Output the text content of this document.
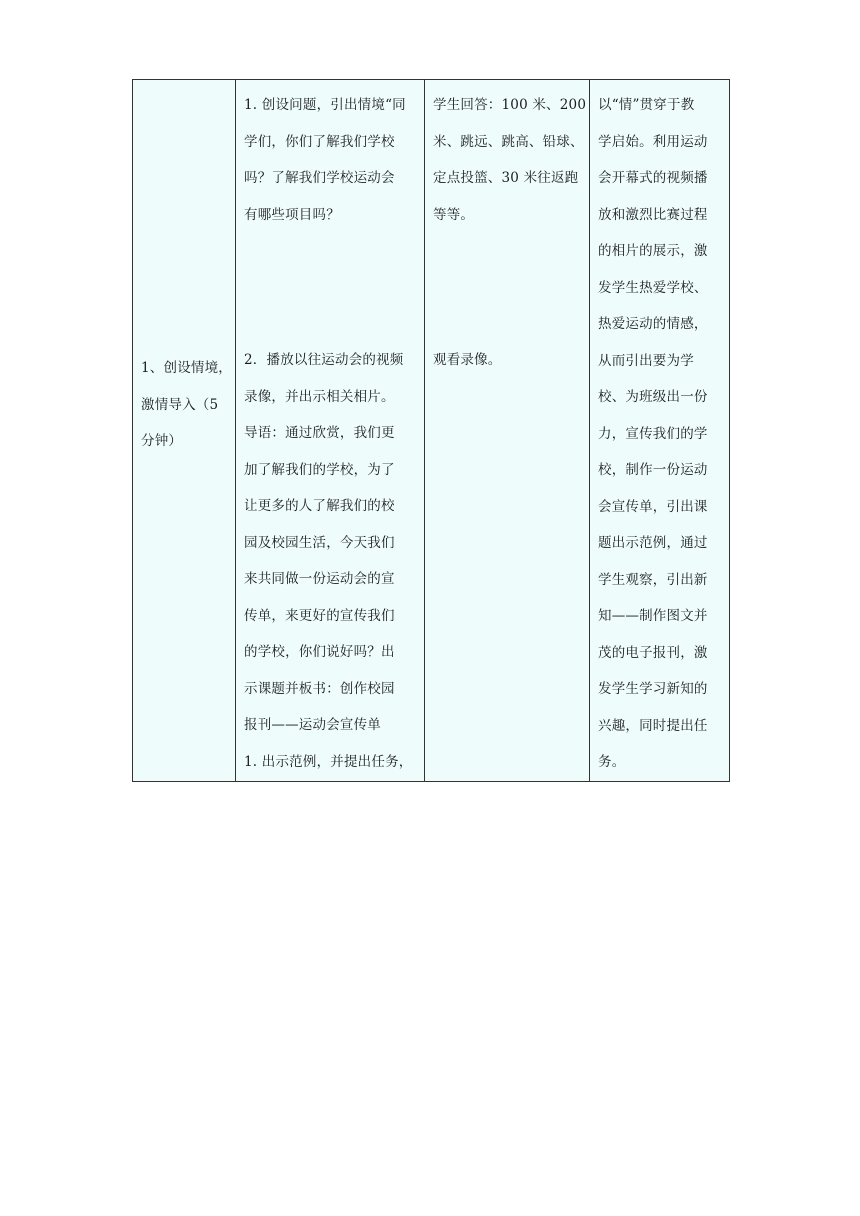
1、创设情境，
激情导入（5
分钟）

1. 创设问题，引出情境“同
学们，你们了解我们学校
吗？了解我们学校运动会
有哪些项目吗？
2．播放以往运动会的视频
录像，并出示相关相片。
导语：通过欣赏，我们更
加了解我们的学校，为了
让更多的人了解我们的校
园及校园生活，今天我们
来共同做一份运动会的宣
传单，来更好的宣传我们
的学校，你们说好吗？出
示课题并板书：创作校园
报刊——运动会宣传单
1. 出示范例，并提出任务，

学生回答：100 米、200
米、跳远、跳高、铅球、
定点投篮、30 米往返跑
等等。
观看录像。

以“情”贯穿于教
学启始。利用运动
会开幕式的视频播
放和激烈比赛过程
的相片的展示，激
发学生热爱学校、
热爱运动的情感，
从而引出要为学
校、为班级出一份
力，宣传我们的学
校，制作一份运动
会宣传单，引出课
题出示范例，通过
学生观察，引出新
知——制作图文并
茂的电子报刊，激
发学生学习新知的
兴趣，同时提出任
务。
